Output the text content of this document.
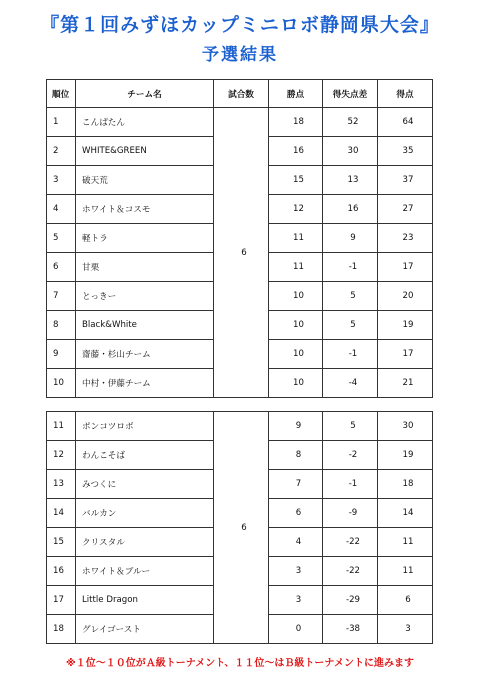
『第１回みずほカップミニロボ静岡県大会』
予選結果
順位	チーム名	試合数	勝点	得失点差	得点
1	こんぱたん	6	18	52	64
2	WHITE&GREEN		16	30	35
3	破天荒		15	13	37
4	ホワイト＆コスモ		12	16	27
5	軽トラ		11	9	23
6	甘栗		11	-1	17
7	とっきー		10	5	20
8	Black&White		10	5	19
9	齋藤・杉山チーム		10	-1	17
10	中村・伊藤チーム		10	-4	21
11	ポンコツロボ	6	9	5	30
12	わんこそば		8	-2	19
13	みつくに		7	-1	18
14	バルカン		6	-9	14
15	クリスタル		4	-22	11
16	ホワイト＆ブルー		3	-22	11
17	Little Dragon		3	-29	6
18	グレイゴースト		0	-38	3
※１位～１０位がＡ級トーナメント、１１位～はＢ級トーナメントに進みます
